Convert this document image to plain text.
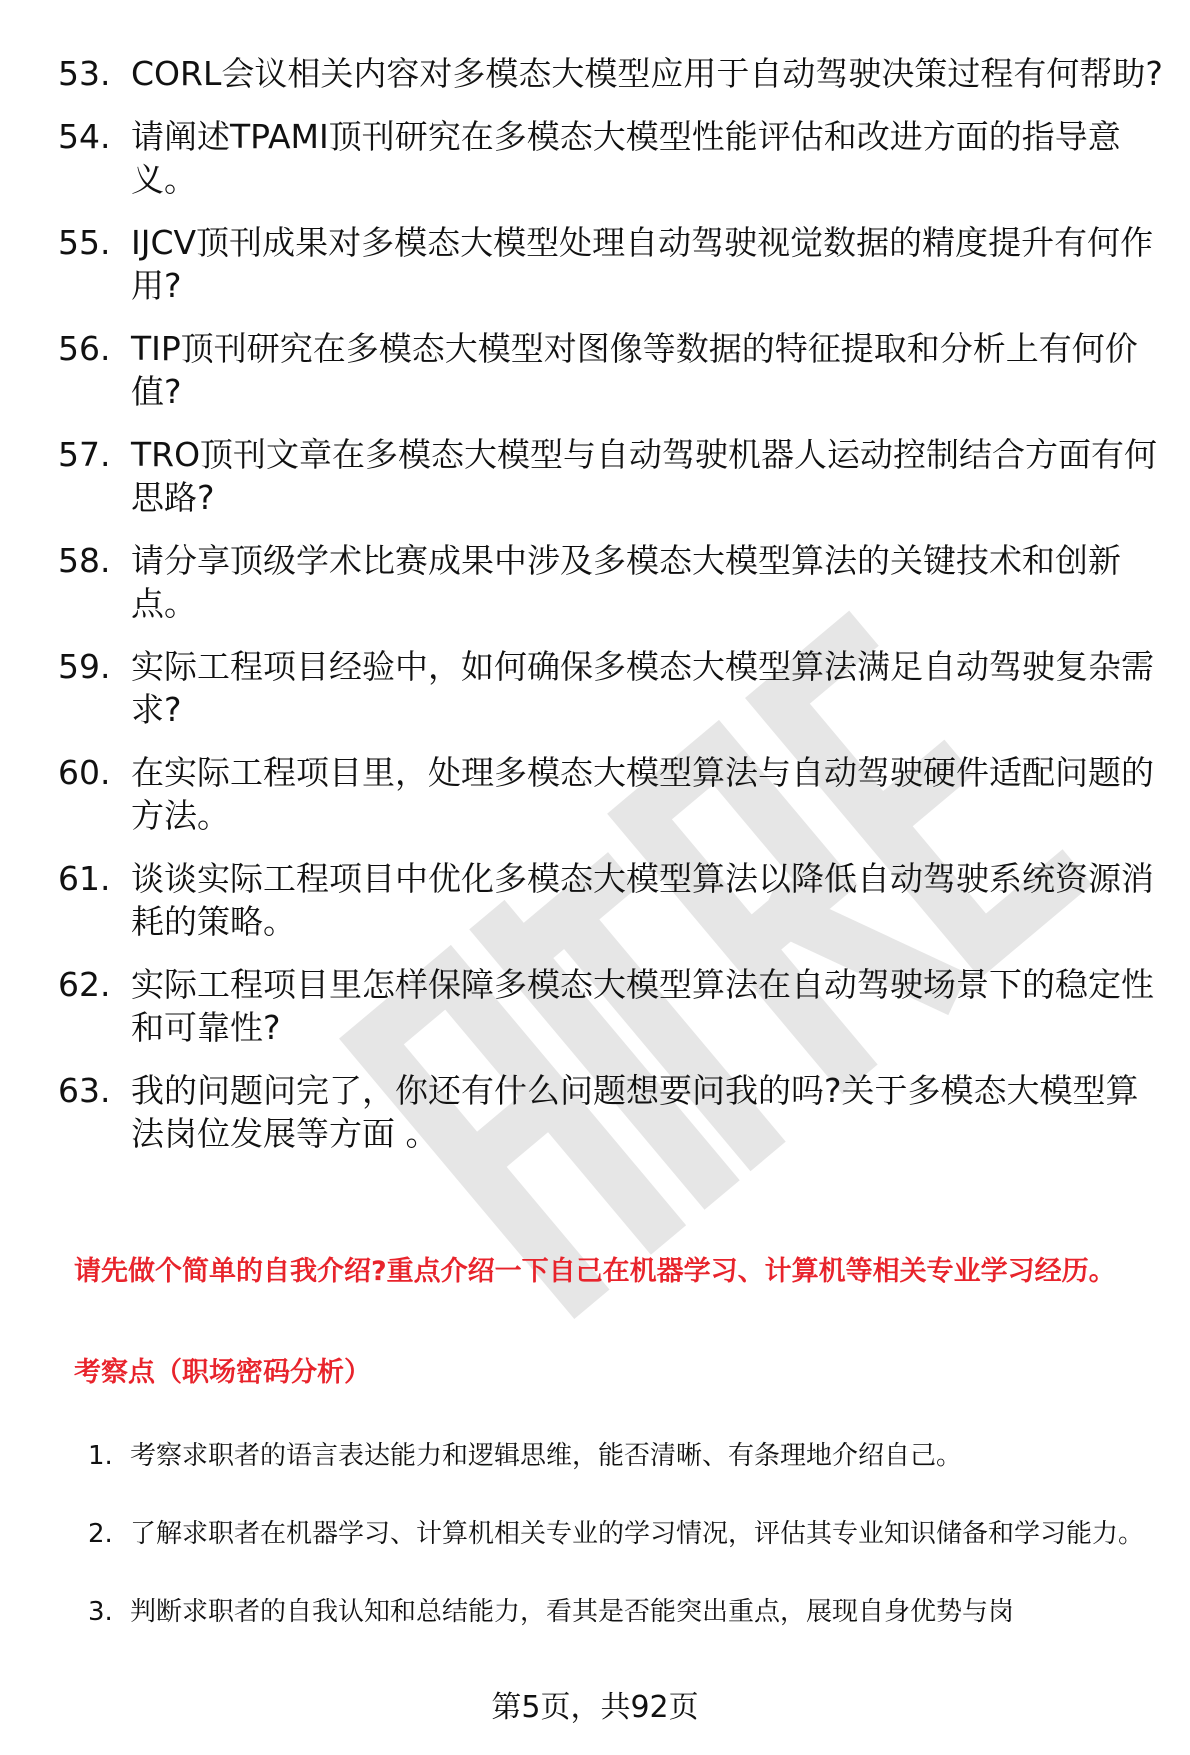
53. CORL会议相关内容对多模态大模型应用于自动驾驶决策过程有何帮助?
54. 请阐述TPAMI顶刊研究在多模态大模型性能评估和改进方面的指导意义。
55. IJCV顶刊成果对多模态大模型处理自动驾驶视觉数据的精度提升有何作用?
56. TIP顶刊研究在多模态大模型对图像等数据的特征提取和分析上有何价值?
57. TRO顶刊文章在多模态大模型与自动驾驶机器人运动控制结合方面有何思路?
58. 请分享顶级学术比赛成果中涉及多模态大模型算法的关键技术和创新点。
59. 实际工程项目经验中，如何确保多模态大模型算法满足自动驾驶复杂需求?
60. 在实际工程项目里，处理多模态大模型算法与自动驾驶硬件适配问题的方法。
61. 谈谈实际工程项目中优化多模态大模型算法以降低自动驾驶系统资源消耗的策略。
62. 实际工程项目里怎样保障多模态大模型算法在自动驾驶场景下的稳定性和可靠性?
63. 我的问题问完了，你还有什么问题想要问我的吗?关于多模态大模型算法岗位发展等方面 。
请先做个简单的自我介绍?重点介绍一下自己在机器学习、计算机等相关专业学习经历。
考察点（职场密码分析）
1. 考察求职者的语言表达能力和逻辑思维，能否清晰、有条理地介绍自己。
2. 了解求职者在机器学习、计算机相关专业的学习情况，评估其专业知识储备和学习能力。
3. 判断求职者的自我认知和总结能力，看其是否能突出重点，展现自身优势与岗
第5页，共92页
